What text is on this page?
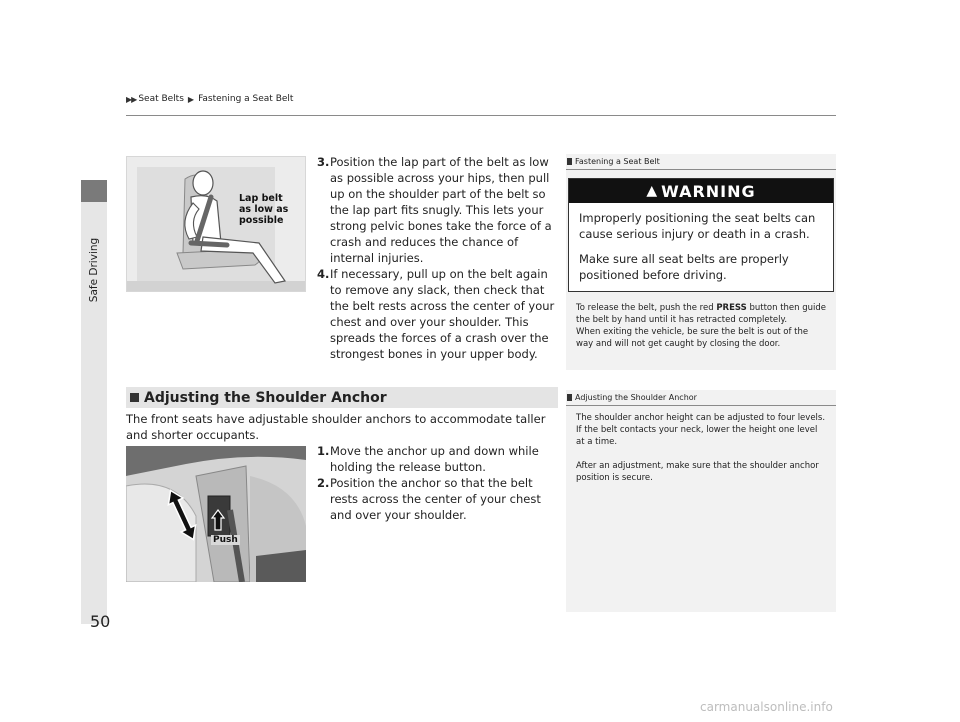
Safe Driving
▶▶ Seat Belts ▶ Fastening a Seat Belt
Lap belt
as low as
possible
3. Position the lap part of the belt as low as possible across your hips, then pull up on the shoulder part of the belt so the lap part fits snugly. This lets your strong pelvic bones take the force of a crash and reduces the chance of internal injuries.
4. If necessary, pull up on the belt again to remove any slack, then check that the belt rests across the center of your chest and over your shoulder. This spreads the forces of a crash over the strongest bones in your upper body.
Fastening a Seat Belt
▲ WARNING

Improperly positioning the seat belts can cause serious injury or death in a crash.

Make sure all seat belts are properly positioned before driving.

To release the belt, push the red PRESS button then guide the belt by hand until it has retracted completely.

When exiting the vehicle, be sure the belt is out of the way and will not get caught by closing the door.

Adjusting the Shoulder Anchor
The front seats have adjustable shoulder anchors to accommodate taller and shorter occupants.
Push
1. Move the anchor up and down while holding the release button.
2. Position the anchor so that the belt rests across the center of your chest and over your shoulder.
Adjusting the Shoulder Anchor

The shoulder anchor height can be adjusted to four levels. If the belt contacts your neck, lower the height one level at a time.

After an adjustment, make sure that the shoulder anchor position is secure.

50
carmanualsonline.info
